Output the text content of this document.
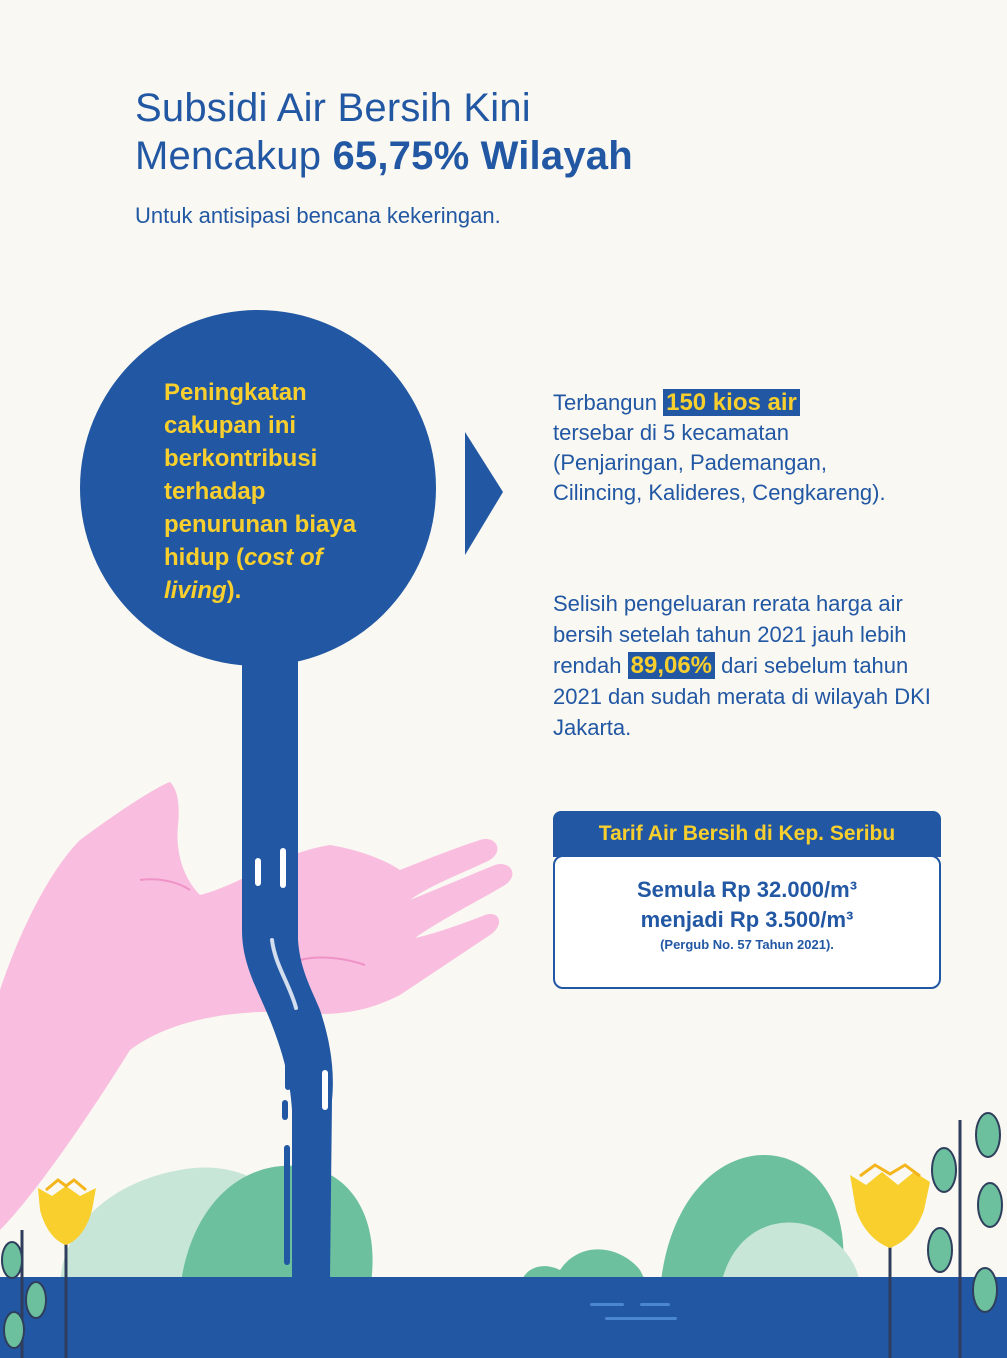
Subsidi Air Bersih Kini
Mencakup 65,75% Wilayah
Untuk antisipasi bencana kekeringan.
Peningkatan cakupan ini berkontribusi terhadap penurunan biaya hidup (cost of living).
Terbangun 150 kios air
tersebar di 5 kecamatan (Penjaringan, Pademangan, Cilincing, Kalideres, Cengkareng).
Selisih pengeluaran rerata harga air bersih setelah tahun 2021 jauh lebih rendah 89,06% dari sebelum tahun 2021 dan sudah merata di wilayah DKI Jakarta.
Semula Rp 32.000/m³
menjadi Rp 3.500/m³
(Pergub No. 57 Tahun 2021).
Tarif Air Bersih di Kep. Seribu
